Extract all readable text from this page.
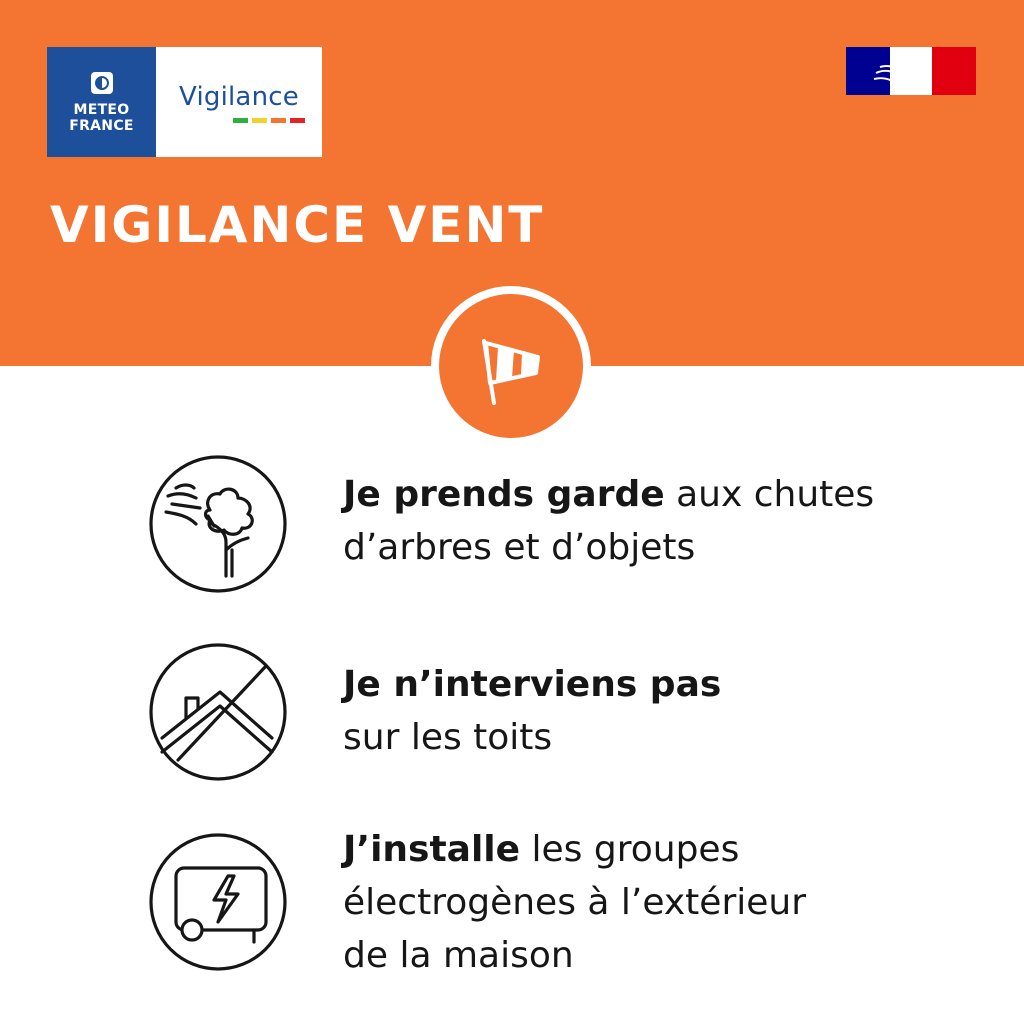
METEO
FRANCE
Vigilance
VIGILANCE VENT
Je prends garde aux chutes
d’arbres et d’objets
Je n’interviens pas
sur les toits
J’installe les groupes
électrogènes à l’extérieur
de la maison
